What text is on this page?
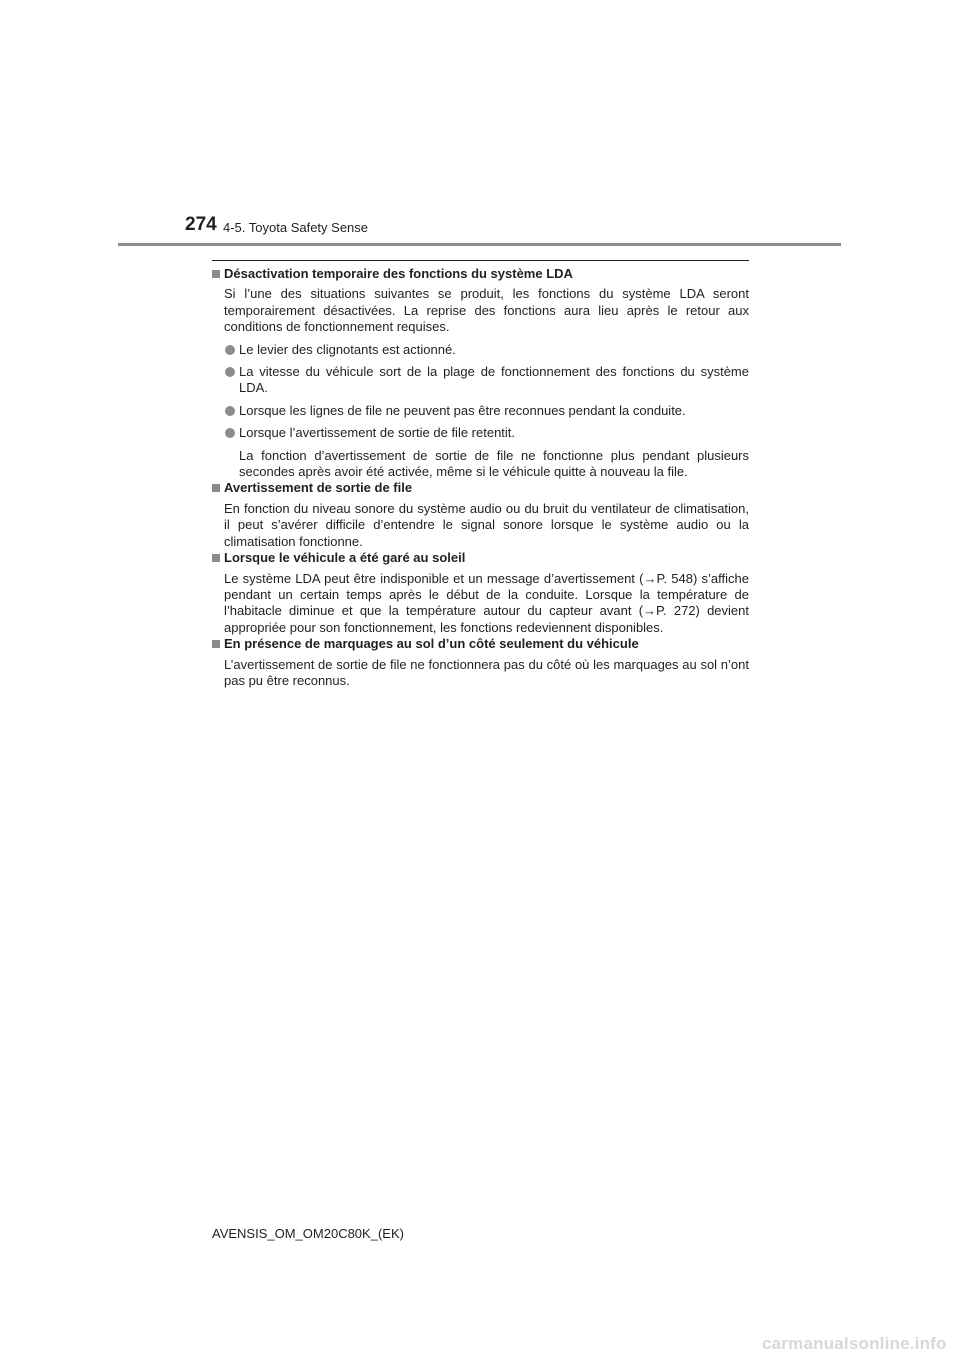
274 4-5. Toyota Safety Sense
Désactivation temporaire des fonctions du système LDA
Si l’une des situations suivantes se produit, les fonctions du système LDA seront temporairement désactivées. La reprise des fonctions aura lieu après le retour aux conditions de fonctionnement requises.
Le levier des clignotants est actionné.
La vitesse du véhicule sort de la plage de fonctionnement des fonctions du système LDA.
Lorsque les lignes de file ne peuvent pas être reconnues pendant la conduite.
Lorsque l’avertissement de sortie de file retentit.
La fonction d’avertissement de sortie de file ne fonctionne plus pendant plusieurs secondes après avoir été activée, même si le véhicule quitte à nouveau la file.
Avertissement de sortie de file
En fonction du niveau sonore du système audio ou du bruit du ventilateur de climatisation, il peut s’avérer difficile d’entendre le signal sonore lorsque le système audio ou la climatisation fonctionne.
Lorsque le véhicule a été garé au soleil
Le système LDA peut être indisponible et un message d’avertissement (→P. 548) s’affiche pendant un certain temps après le début de la conduite. Lorsque la température de l’habitacle diminue et que la température autour du capteur avant (→P. 272) devient appropriée pour son fonctionnement, les fonctions redeviennent disponibles.
En présence de marquages au sol d’un côté seulement du véhicule
L’avertissement de sortie de file ne fonctionnera pas du côté où les marquages au sol n’ont pas pu être reconnus.
AVENSIS_OM_OM20C80K_(EK)
carmanualsonline.info
